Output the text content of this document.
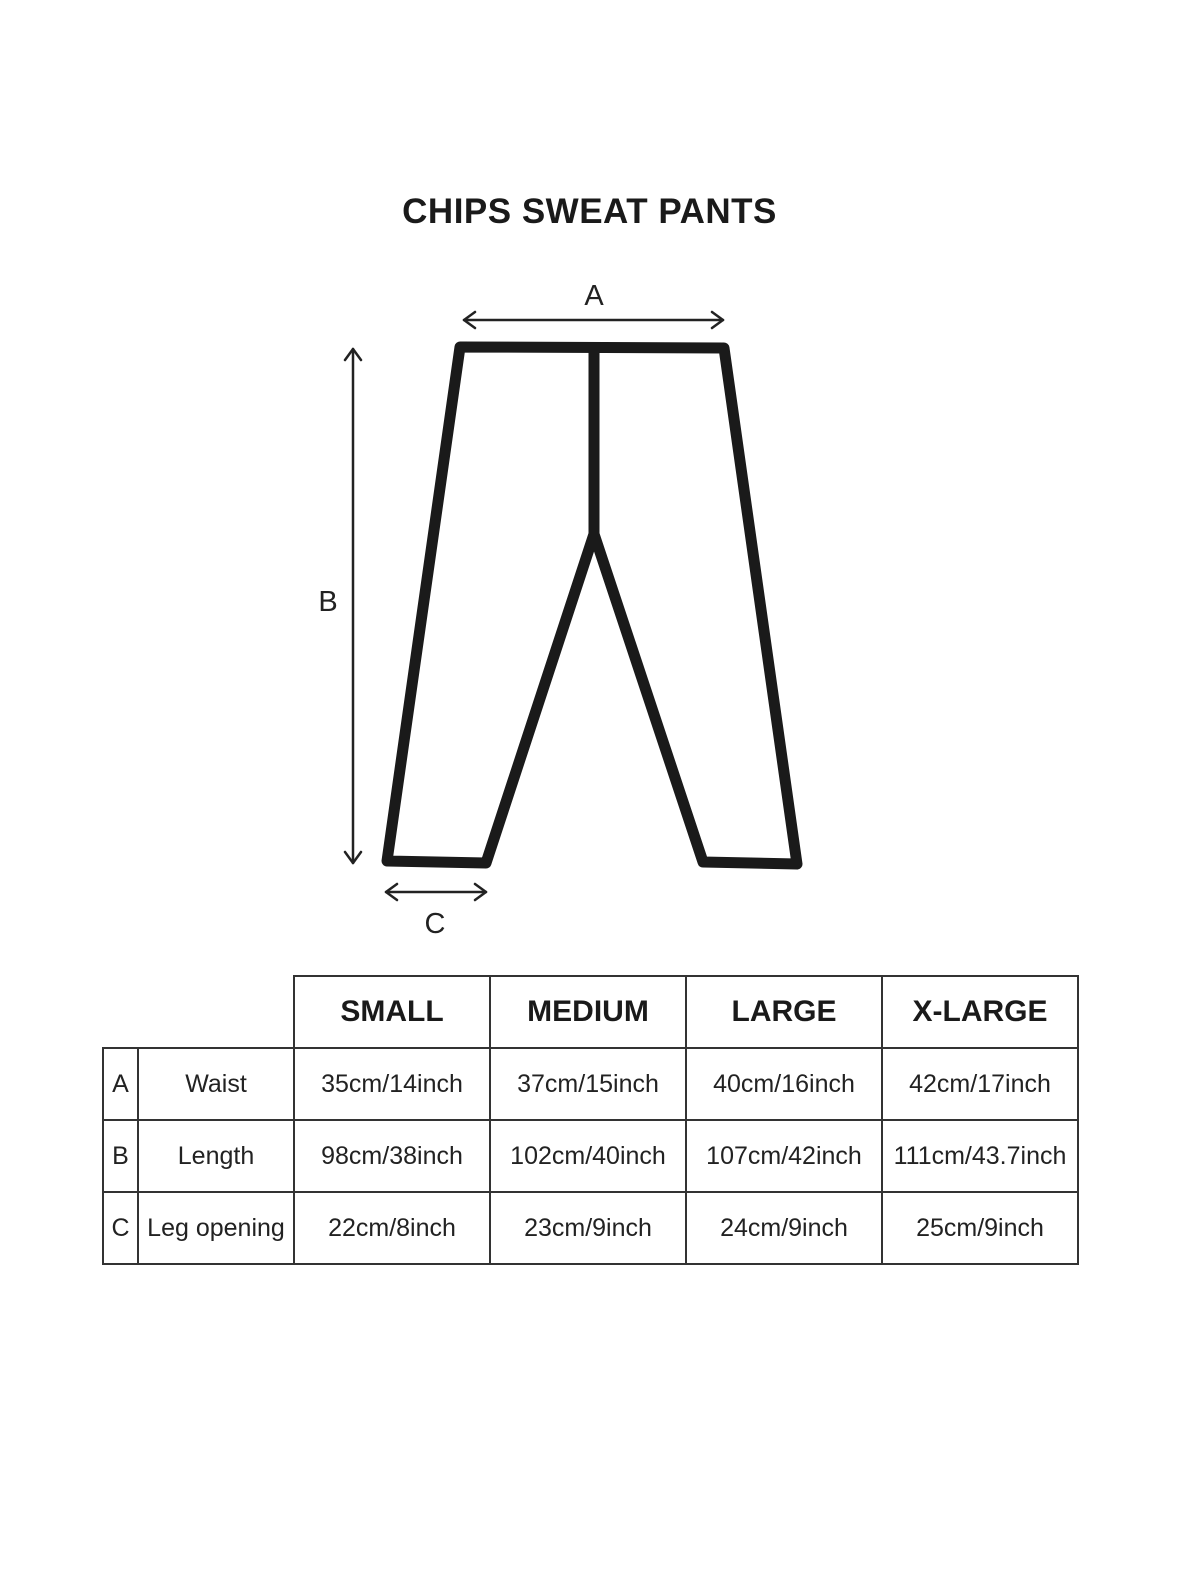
CHIPS SWEAT PANTS
A
B
C
		SMALL	MEDIUM	LARGE	X-LARGE
A	Waist	35cm/14inch	37cm/15inch	40cm/16inch	42cm/17inch
B	Length	98cm/38inch	102cm/40inch	107cm/42inch	111cm/43.7inch
C	Leg opening	22cm/8inch	23cm/9inch	24cm/9inch	25cm/9inch
